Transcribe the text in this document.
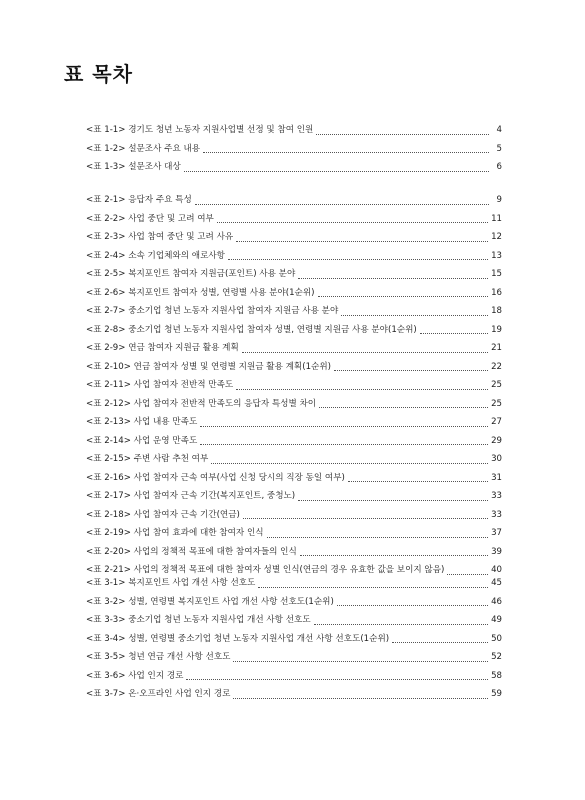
표 목차
<표 1-1> 경기도 청년 노동자 지원사업별 선정 및 참여 인원	4
<표 1-2> 설문조사 주요 내용	5
<표 1-3> 설문조사 대상	6
<표 2-1> 응답자 주요 특성	9
<표 2-2> 사업 중단 및 고려 여부	11
<표 2-3> 사업 참여 중단 및 고려 사유	12
<표 2-4> 소속 기업체와의 애로사항	13
<표 2-5> 복지포인트 참여자 지원금(포인트) 사용 분야	15
<표 2-6> 복지포인트 참여자 성별, 연령별 사용 분야(1순위)	16
<표 2-7> 중소기업 청년 노동자 지원사업 참여자 지원금 사용 분야	18
<표 2-8> 중소기업 청년 노동자 지원사업 참여자 성별, 연령별 지원금 사용 분야(1순위)	19
<표 2-9> 연금 참여자 지원금 활용 계획	21
<표 2-10> 연금 참여자 성별 및 연령별 지원금 활용 계획(1순위)	22
<표 2-11> 사업 참여자 전반적 만족도	25
<표 2-12> 사업 참여자 전반적 만족도의 응답자 특성별 차이	25
<표 2-13> 사업 내용 만족도	27
<표 2-14> 사업 운영 만족도	29
<표 2-15> 주변 사람 추천 여부	30
<표 2-16> 사업 참여자 근속 여부(사업 신청 당시의 직장 동일 여부)	31
<표 2-17> 사업 참여자 근속 기간(복지포인트, 중청노)	33
<표 2-18> 사업 참여자 근속 기간(연금)	33
<표 2-19> 사업 참여 효과에 대한 참여자 인식	37
<표 2-20> 사업의 정책적 목표에 대한 참여자들의 인식	39
<표 2-21> 사업의 정책적 목표에 대한 참여자 성별 인식(연금의 경우 유효한 값을 보이지 않음)	40
<표 3-1> 복지포인트 사업 개선 사항 선호도	45
<표 3-2> 성별, 연령별 복지포인트 사업 개선 사항 선호도(1순위)	46
<표 3-3> 중소기업 청년 노동자 지원사업 개선 사항 선호도	49
<표 3-4> 성별, 연령별 중소기업 청년 노동자 지원사업 개선 사항 선호도(1순위)	50
<표 3-5> 청년 연금 개선 사항 선호도	52
<표 3-6> 사업 인지 경로	58
<표 3-7> 온·오프라인 사업 인지 경로	59
